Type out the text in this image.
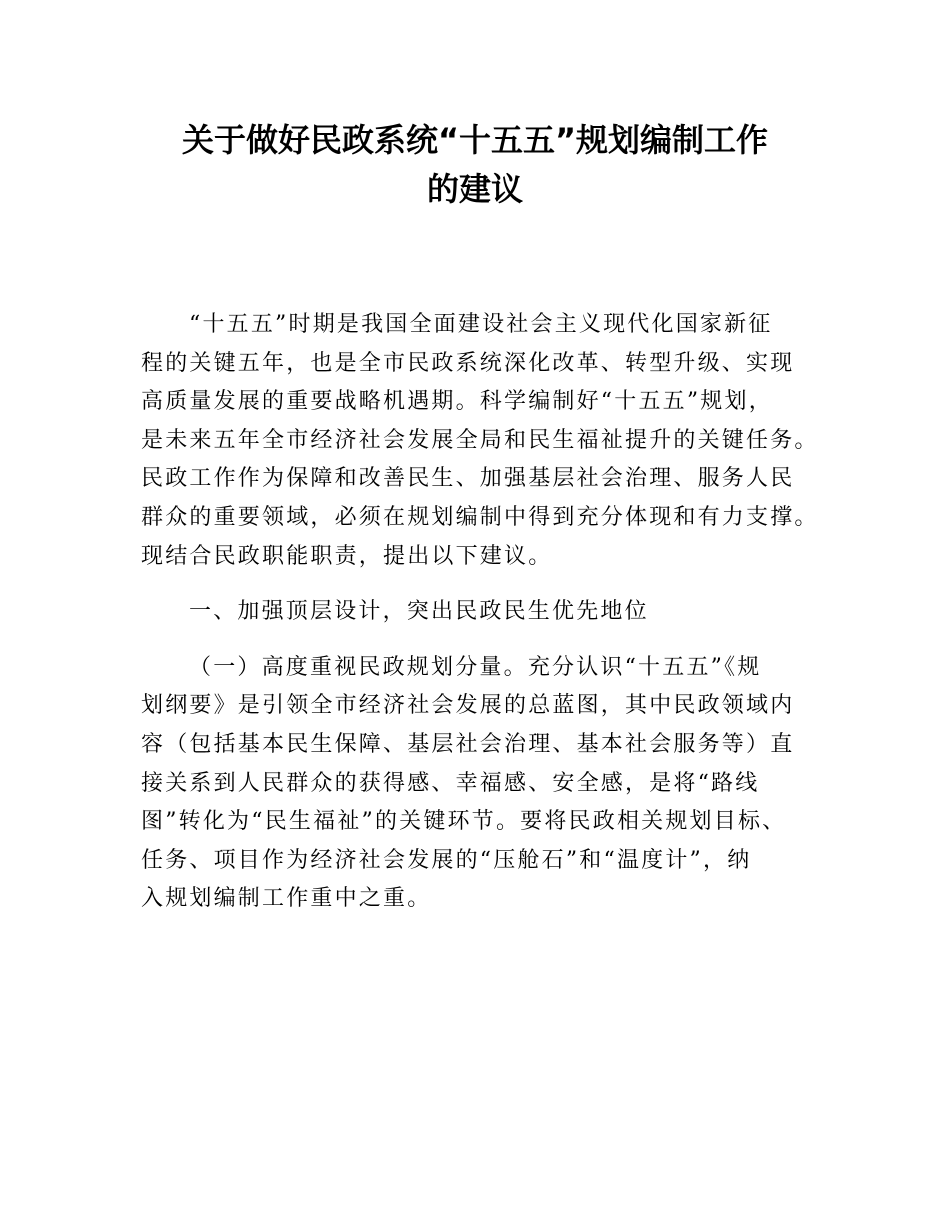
关于做好民政系统“十五五”规划编制工作
的建议
“十五五”时期是我国全面建设社会主义现代化国家新征
程的关键五年，也是全市民政系统深化改革、转型升级、实现
高质量发展的重要战略机遇期。科学编制好“十五五”规划，
是未来五年全市经济社会发展全局和民生福祉提升的关键任务。
民政工作作为保障和改善民生、加强基层社会治理、服务人民
群众的重要领域，必须在规划编制中得到充分体现和有力支撑。
现结合民政职能职责，提出以下建议。
一、加强顶层设计，突出民政民生优先地位
（一）高度重视民政规划分量。充分认识“十五五”《规
划纲要》是引领全市经济社会发展的总蓝图，其中民政领域内
容（包括基本民生保障、基层社会治理、基本社会服务等）直
接关系到人民群众的获得感、幸福感、安全感，是将“路线
图”转化为“民生福祉”的关键环节。要将民政相关规划目标、
任务、项目作为经济社会发展的“压舱石”和“温度计”，纳
入规划编制工作重中之重。
